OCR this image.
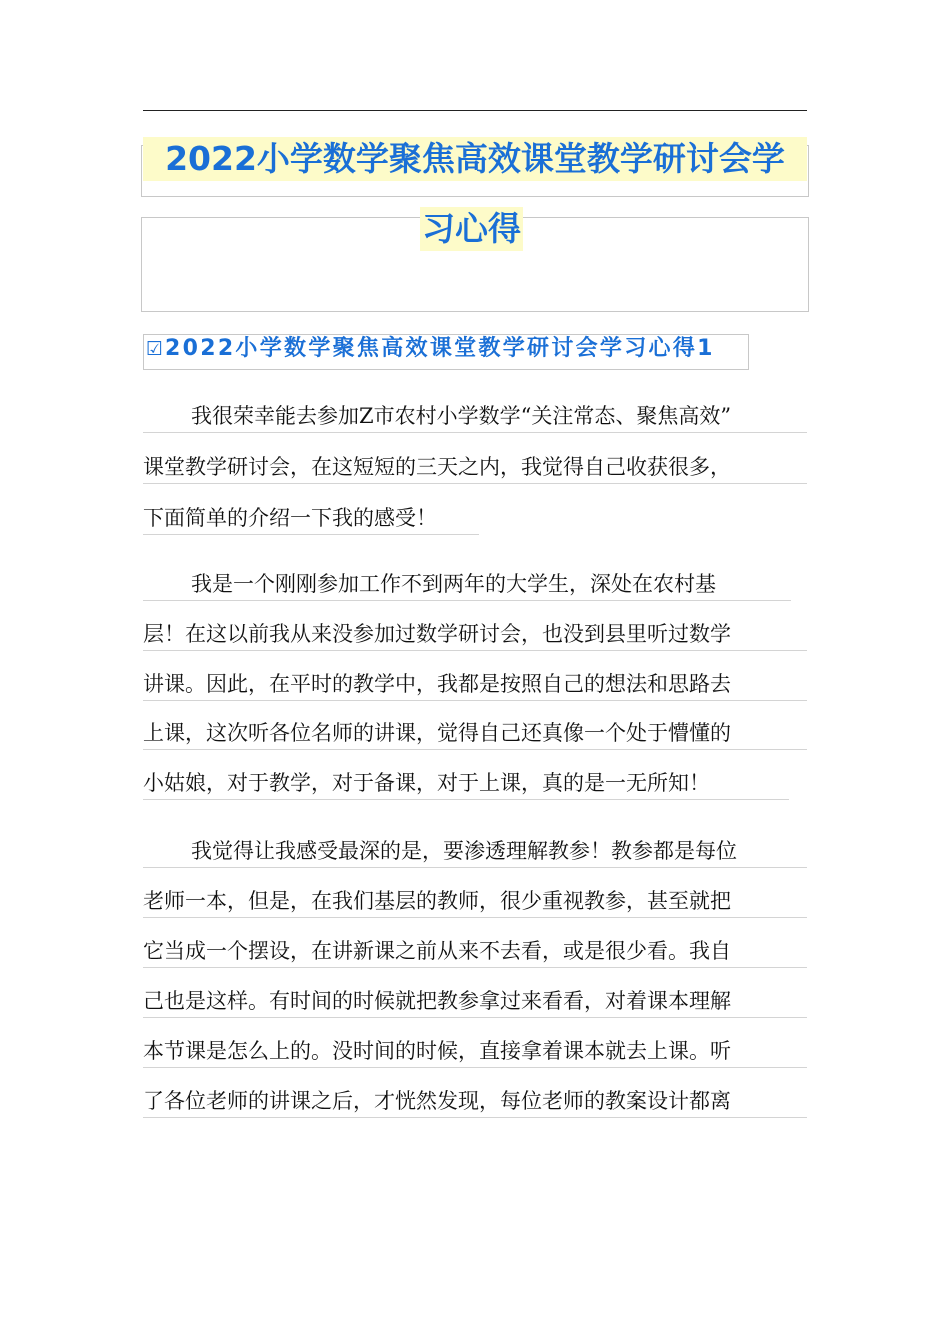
2022小学数学聚焦高效课堂教学研讨会学
习心得
☑ 2022小学数学聚焦高效课堂教学研讨会学习心得1
我很荣幸能去参加Z市农村小学数学“关注常态、聚焦高效”
课堂教学研讨会，在这短短的三天之内，我觉得自己收获很多，
下面简单的介绍一下我的感受！
我是一个刚刚参加工作不到两年的大学生，深处在农村基
层！在这以前我从来没参加过数学研讨会，也没到县里听过数学
讲课。因此，在平时的教学中，我都是按照自己的想法和思路去
上课，这次听各位名师的讲课，觉得自己还真像一个处于懵懂的
小姑娘，对于教学，对于备课，对于上课，真的是一无所知！
我觉得让我感受最深的是，要渗透理解教参！教参都是每位
老师一本，但是，在我们基层的教师，很少重视教参，甚至就把
它当成一个摆设，在讲新课之前从来不去看，或是很少看。我自
己也是这样。有时间的时候就把教参拿过来看看，对着课本理解
本节课是怎么上的。没时间的时候，直接拿着课本就去上课。听
了各位老师的讲课之后，才恍然发现，每位老师的教案设计都离
